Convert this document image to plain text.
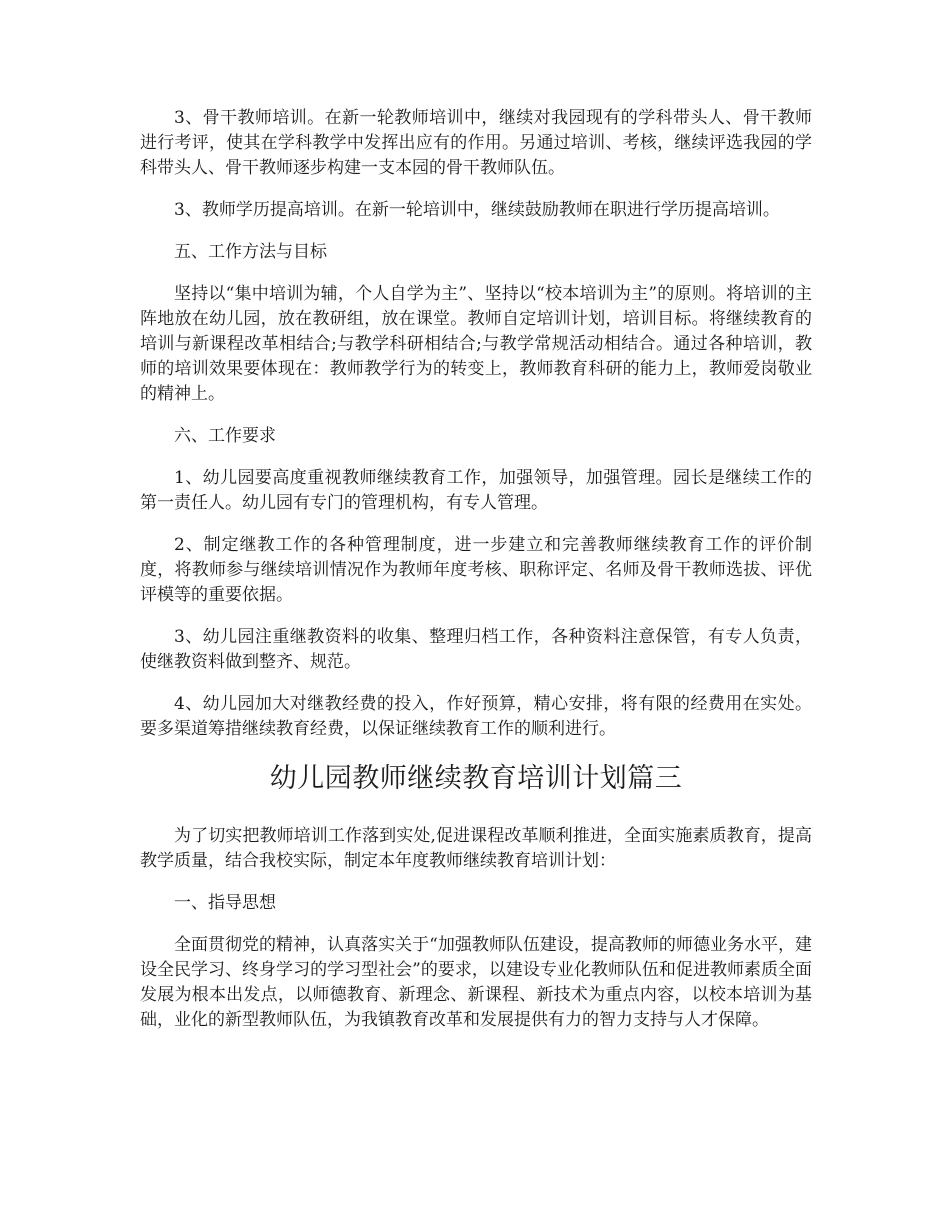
3、骨干教师培训。在新一轮教师培训中，继续对我园现有的学科带头人、骨干教师进行考评，使其在学科教学中发挥出应有的作用。另通过培训、考核，继续评选我园的学科带头人、骨干教师逐步构建一支本园的骨干教师队伍。

3、教师学历提高培训。在新一轮培训中，继续鼓励教师在职进行学历提高培训。

五、工作方法与目标

坚持以“集中培训为辅，个人自学为主”、坚持以“校本培训为主”的原则。将培训的主阵地放在幼儿园，放在教研组，放在课堂。教师自定培训计划，培训目标。将继续教育的培训与新课程改革相结合;与教学科研相结合;与教学常规活动相结合。通过各种培训，教师的培训效果要体现在：教师教学行为的转变上，教师教育科研的能力上，教师爱岗敬业的精神上。

六、工作要求

1、幼儿园要高度重视教师继续教育工作，加强领导，加强管理。园长是继续工作的第一责任人。幼儿园有专门的管理机构，有专人管理。

2、制定继教工作的各种管理制度，进一步建立和完善教师继续教育工作的评价制度，将教师参与继续培训情况作为教师年度考核、职称评定、名师及骨干教师选拔、评优评模等的重要依据。

3、幼儿园注重继教资料的收集、整理归档工作，各种资料注意保管，有专人负责，使继教资料做到整齐、规范。

4、幼儿园加大对继教经费的投入，作好预算，精心安排，将有限的经费用在实处。要多渠道筹措继续教育经费，以保证继续教育工作的顺利进行。

幼儿园教师继续教育培训计划篇三

为了切实把教师培训工作落到实处,促进课程改革顺利推进，全面实施素质教育，提高教学质量，结合我校实际，制定本年度教师继续教育培训计划：

一、指导思想

全面贯彻党的精神，认真落实关于“加强教师队伍建设，提高教师的师德业务水平，建设全民学习、终身学习的学习型社会”的要求，以建设专业化教师队伍和促进教师素质全面发展为根本出发点，以师德教育、新理念、新课程、新技术为重点内容，以校本培训为基础，业化的新型教师队伍，为我镇教育改革和发展提供有力的智力支持与人才保障。
